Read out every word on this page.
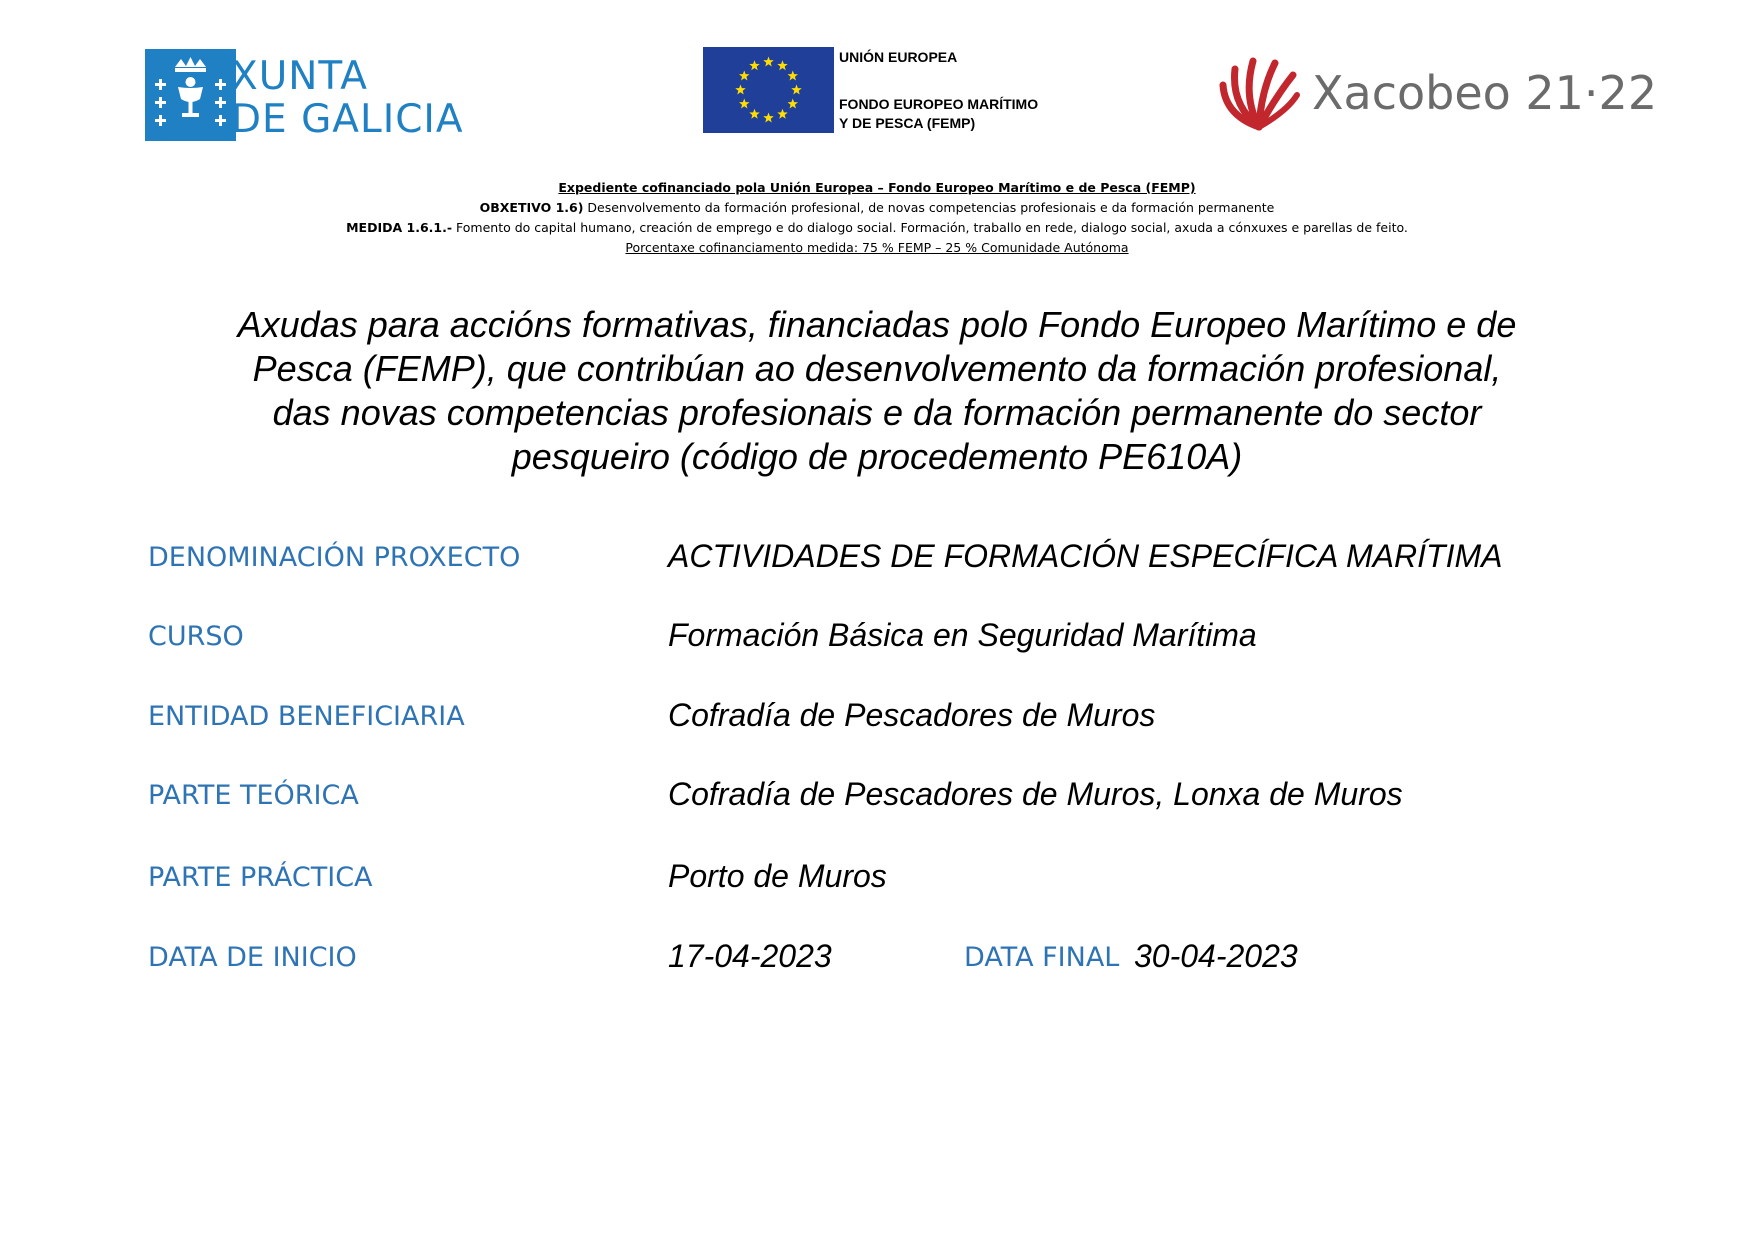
XUNTA
DE GALICIA
UNIÓN EUROPEA
FONDO EUROPEO MARÍTIMO
Y DE PESCA (FEMP)
Xacobeo 21·22
Expediente cofinanciado pola Unión Europea – Fondo Europeo Marítimo e de Pesca (FEMP)
OBXETIVO 1.6) Desenvolvemento da formación profesional, de novas competencias profesionais e da formación permanente
MEDIDA 1.6.1.- Fomento do capital humano, creación de emprego e do dialogo social. Formación, traballo en rede, dialogo social, axuda a cónxuxes e parellas de feito.
Porcentaxe cofinanciamento medida: 75 % FEMP – 25 % Comunidade Autónoma
Axudas para accións formativas, financiadas polo Fondo Europeo Marítimo e de
Pesca (FEMP), que contribúan ao desenvolvemento da formación profesional,
das novas competencias profesionais e da formación permanente do sector
pesqueiro (código de procedemento PE610A)
DENOMINACIÓN PROXECTO	ACTIVIDADES DE FORMACIÓN ESPECÍFICA MARÍTIMA
CURSO	Formación Básica en Seguridad Marítima
ENTIDAD BENEFICIARIA	Cofradía de Pescadores de Muros
PARTE TEÓRICA	Cofradía de Pescadores de Muros, Lonxa de Muros
PARTE PRÁCTICA	Porto de Muros
DATA DE INICIO	17-04-2023	DATA FINAL 30-04-2023
